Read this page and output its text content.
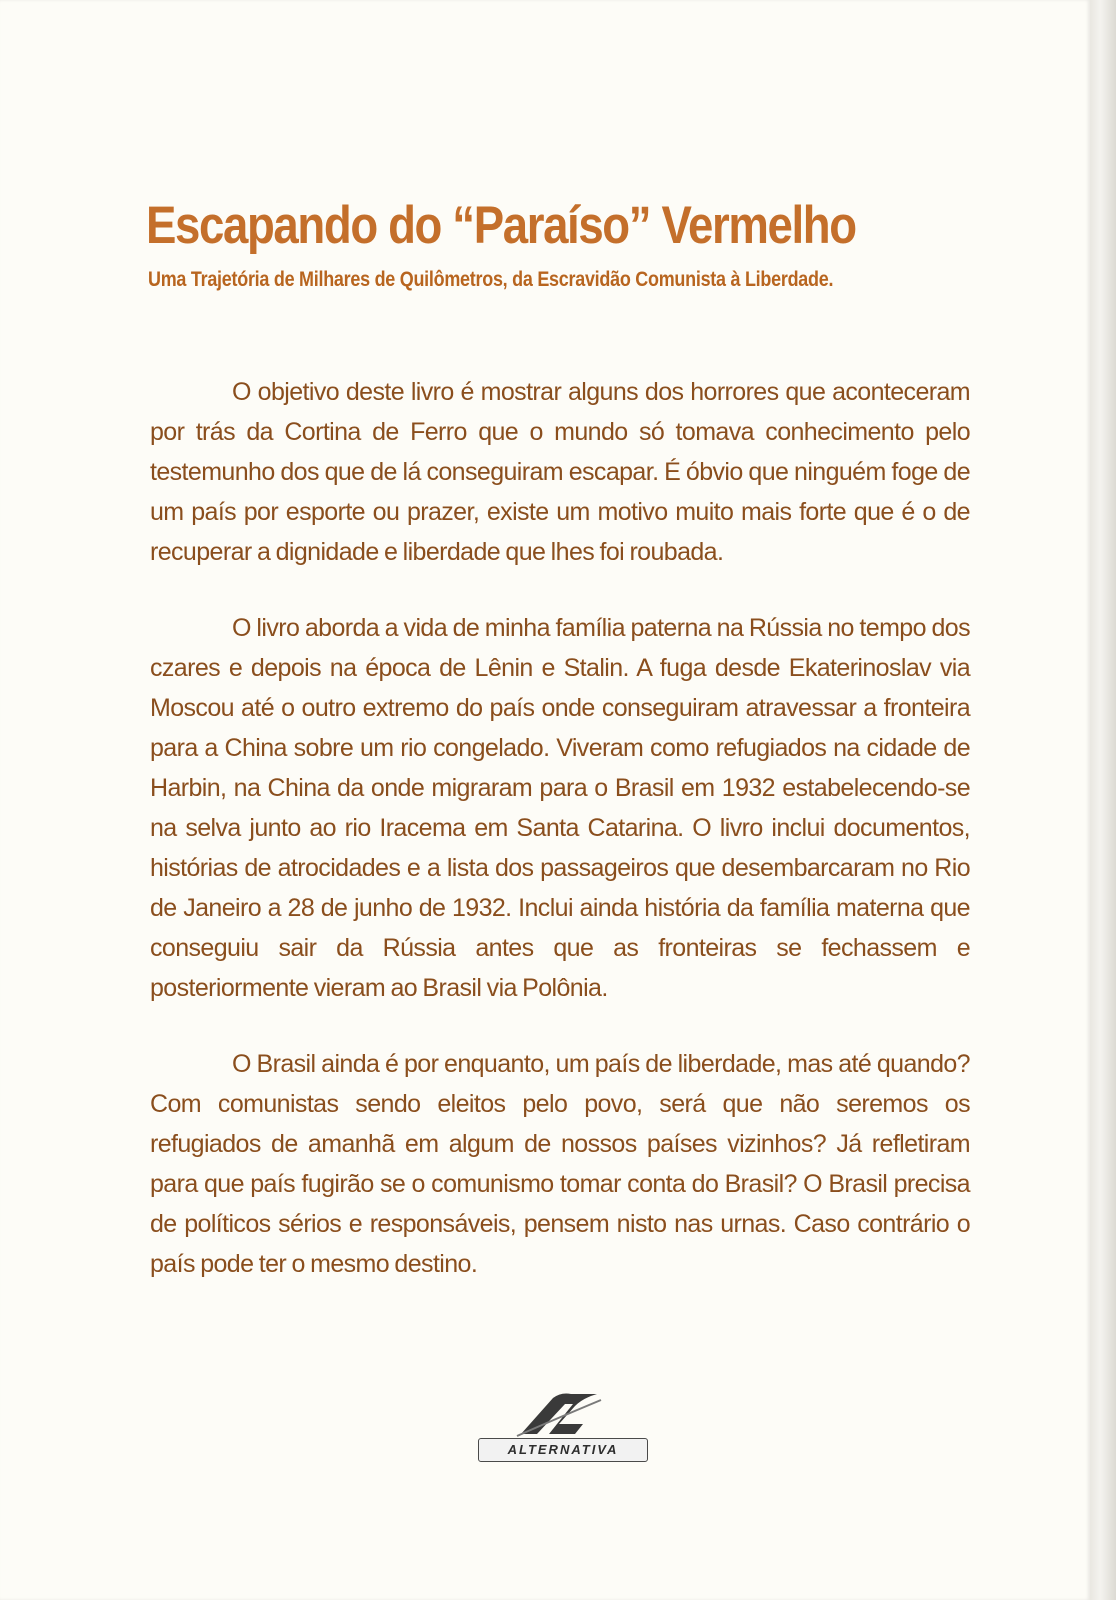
Escapando do “Paraíso” Vermelho
Uma Trajetória de Milhares de Quilômetros, da Escravidão Comunista à Liberdade.

O objetivo deste livro é mostrar alguns dos horrores que aconteceram por trás da Cortina de Ferro que o mundo só tomava conhecimento pelo testemunho dos que de lá conseguiram escapar. É óbvio que ninguém foge de um país por esporte ou prazer, existe um motivo muito mais forte que é o de recuperar a dignidade e liberdade que lhes foi roubada.

O livro aborda a vida de minha família paterna na Rússia no tempo dos czares e depois na época de Lênin e Stalin. A fuga desde Ekaterinoslav via Moscou até o outro extremo do país onde conseguiram atravessar a fronteira para a China sobre um rio congelado. Viveram como refugiados na cidade de Harbin, na China da onde migraram para o Brasil em 1932 estabelecendo-se na selva junto ao rio Iracema em Santa Catarina. O livro inclui documentos, histórias de atrocidades e a lista dos passageiros que desembarcaram no Rio de Janeiro a 28 de junho de 1932. Inclui ainda história da família materna que conseguiu sair da Rússia antes que as fronteiras se fechassem e posteriormente vieram ao Brasil via Polônia.

O Brasil ainda é por enquanto, um país de liberdade, mas até quando? Com comunistas sendo eleitos pelo povo, será que não seremos os refugiados de amanhã em algum de nossos países vizinhos? Já refletiram para que país fugirão se o comunismo tomar conta do Brasil? O Brasil precisa de políticos sérios e responsáveis, pensem nisto nas urnas. Caso contrário o país pode ter o mesmo destino.

ALTERNATIVA
